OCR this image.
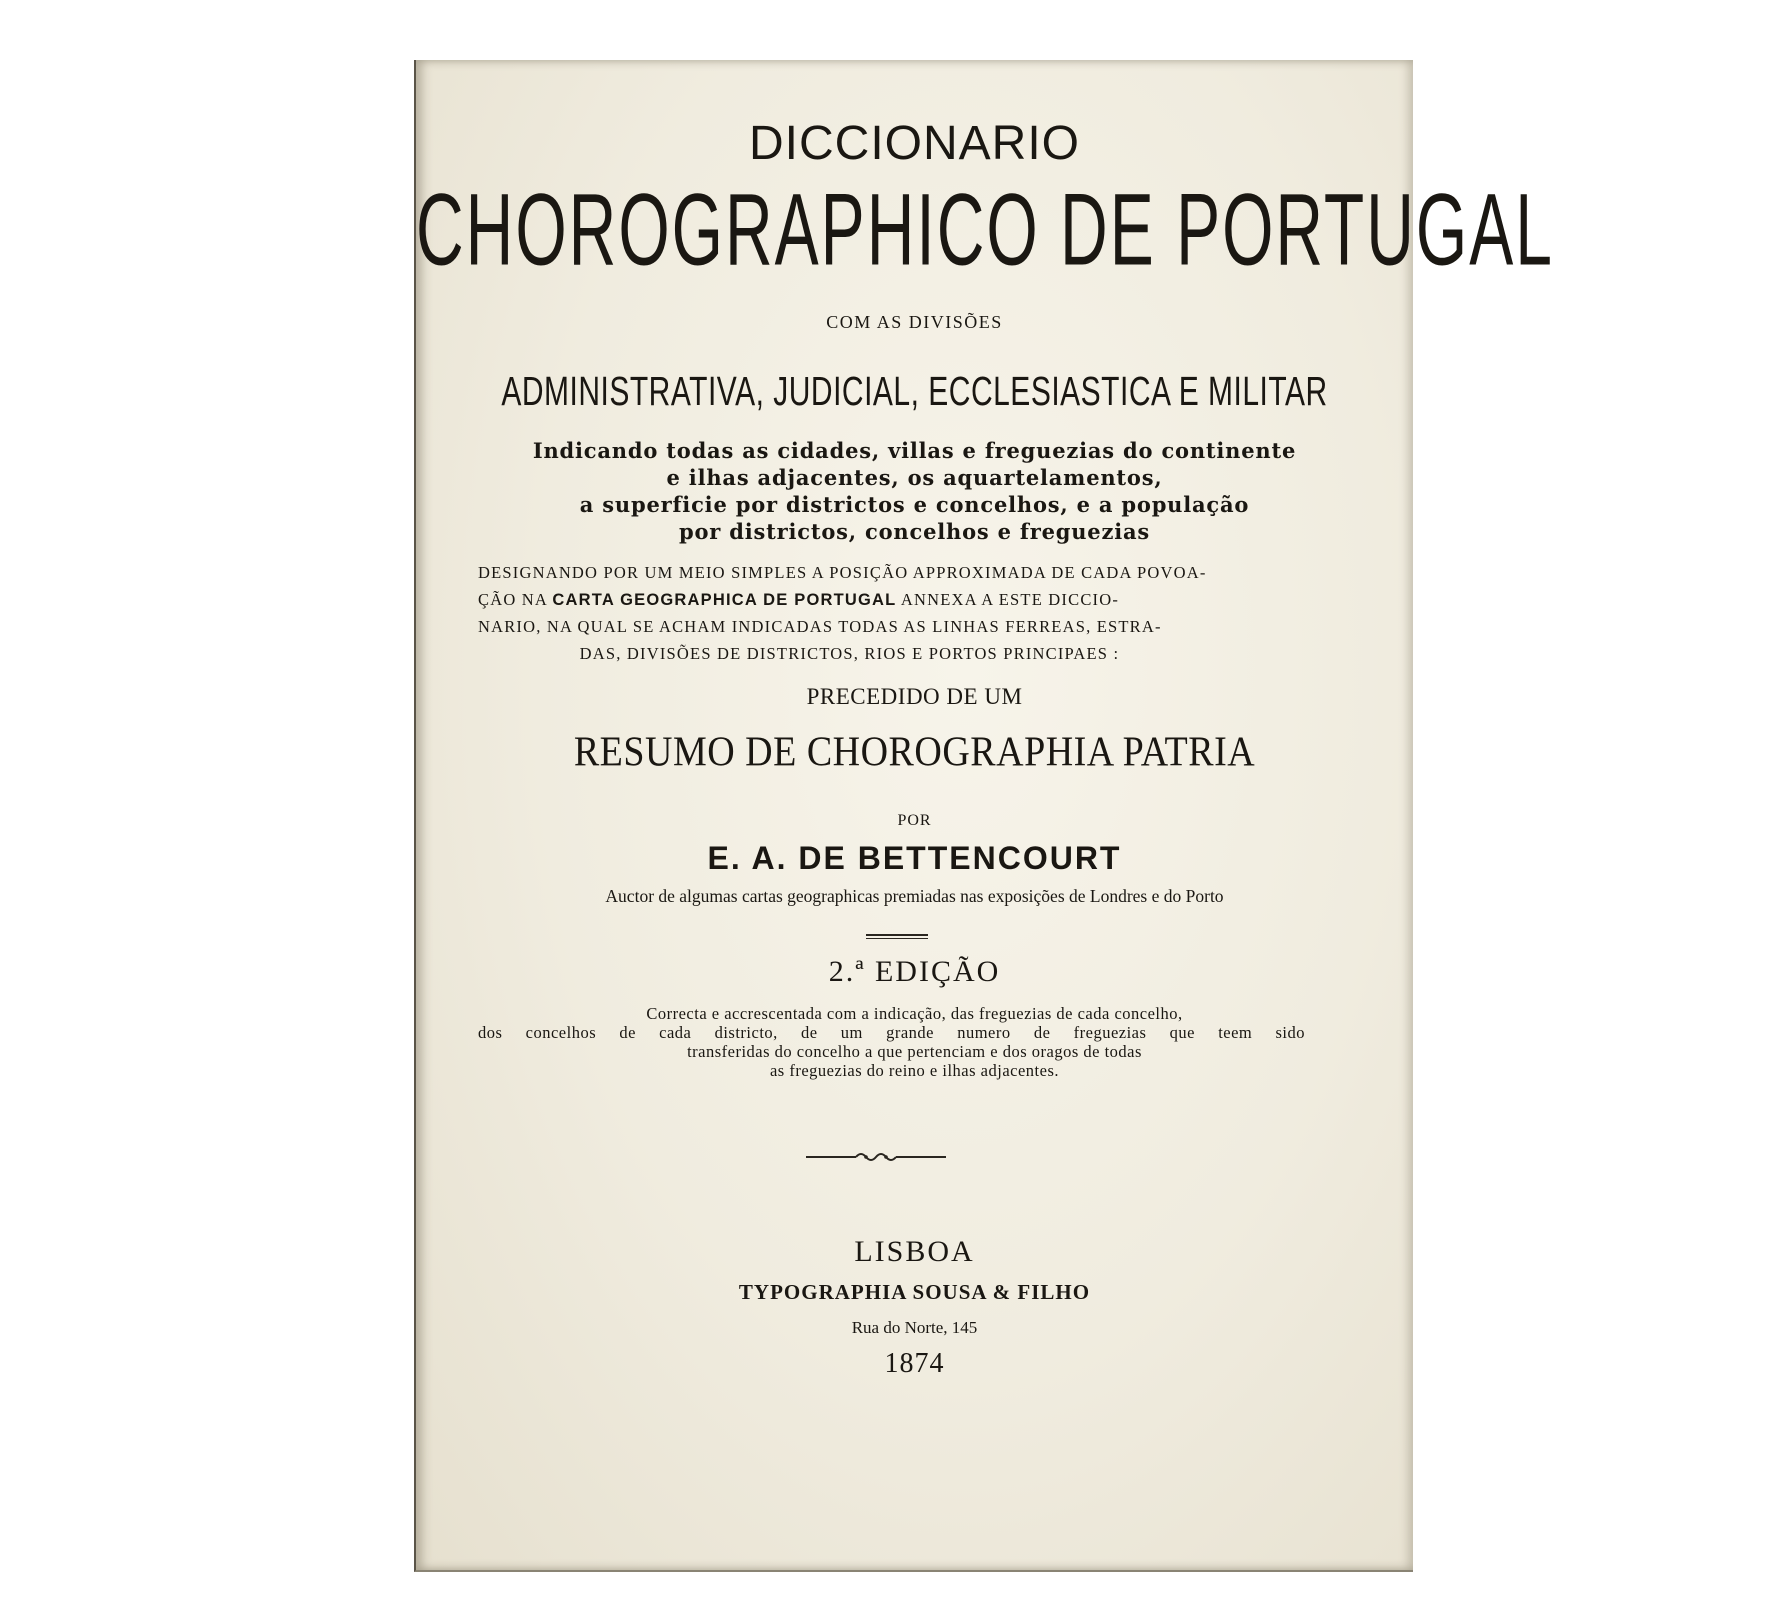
DICCIONARIO
CHOROGRAPHICO DE PORTUGAL
COM AS DIVISÕES
ADMINISTRATIVA, JUDICIAL, ECCLESIASTICA E MILITAR
Indicando todas as cidades, villas e freguezias do continente
e ilhas adjacentes, os aquartelamentos,
a superficie por districtos e concelhos, e a população
por districtos, concelhos e freguezias
DESIGNANDO POR UM MEIO SIMPLES A POSIÇÃO APPROXIMADA DE CADA POVOA-
ÇÃO NA CARTA GEOGRAPHICA DE PORTUGAL ANNEXA A ESTE DICCIO-
NARIO, NA QUAL SE ACHAM INDICADAS TODAS AS LINHAS FERREAS, ESTRA-
DAS, DIVISÕES DE DISTRICTOS, RIOS E PORTOS PRINCIPAES :
PRECEDIDO DE UM
RESUMO DE CHOROGRAPHIA PATRIA
POR
E. A. DE BETTENCOURT
Auctor de algumas cartas geographicas premiadas nas exposições de Londres e do Porto
2.ª EDIÇÃO
Correcta e accrescentada com a indicação, das freguezias de cada concelho,
dos concelhos de cada districto, de um grande numero de freguezias que teem sido
transferidas do concelho a que pertenciam e dos oragos de todas
as freguezias do reino e ilhas adjacentes.
LISBOA
TYPOGRAPHIA SOUSA & FILHO
Rua do Norte, 145
1874
